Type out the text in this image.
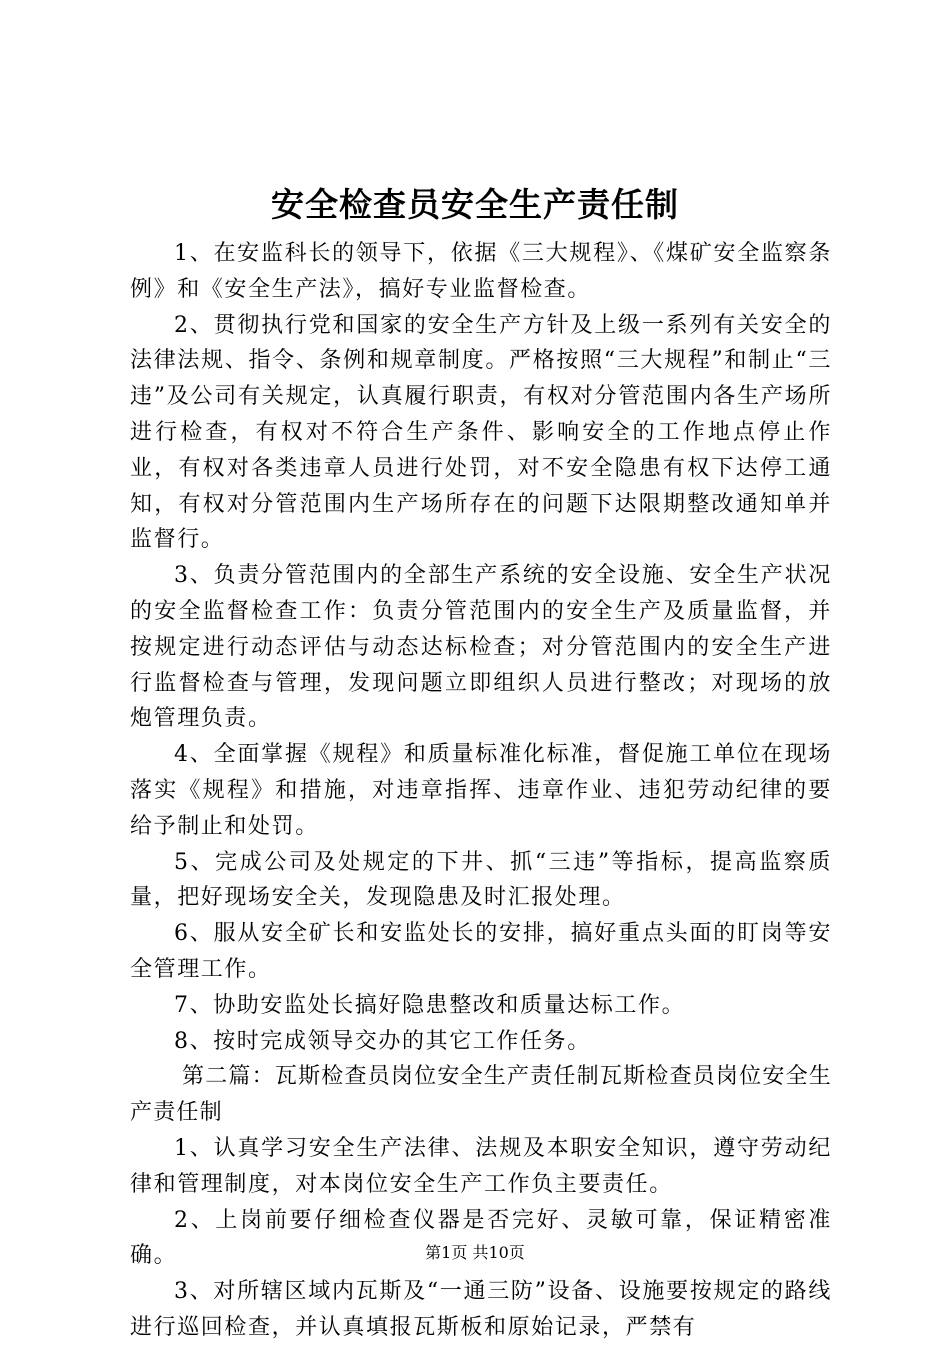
安全检查员安全生产责任制

1、在安监科长的领导下，依据《三大规程》、《煤矿安全监察条例》和《安全生产法》，搞好专业监督检查。

2、贯彻执行党和国家的安全生产方针及上级一系列有关安全的法律法规、指令、条例和规章制度。严格按照“三大规程”和制止“三违”及公司有关规定，认真履行职责，有权对分管范围内各生产场所进行检查，有权对不符合生产条件、影响安全的工作地点停止作业，有权对各类违章人员进行处罚，对不安全隐患有权下达停工通知，有权对分管范围内生产场所存在的问题下达限期整改通知单并监督行。

3、负责分管范围内的全部生产系统的安全设施、安全生产状况的安全监督检查工作：负责分管范围内的安全生产及质量监督，并按规定进行动态评估与动态达标检查；对分管范围内的安全生产进行监督检查与管理，发现问题立即组织人员进行整改；对现场的放炮管理负责。

4、全面掌握《规程》和质量标准化标准，督促施工单位在现场落实《规程》和措施，对违章指挥、违章作业、违犯劳动纪律的要给予制止和处罚。

5、完成公司及处规定的下井、抓“三违”等指标，提高监察质量，把好现场安全关，发现隐患及时汇报处理。

6、服从安全矿长和安监处长的安排，搞好重点头面的盯岗等安全管理工作。

7、协助安监处长搞好隐患整改和质量达标工作。

8、按时完成领导交办的其它工作任务。

第二篇：瓦斯检查员岗位安全生产责任制瓦斯检查员岗位安全生产责任制

1、认真学习安全生产法律、法规及本职安全知识，遵守劳动纪律和管理制度，对本岗位安全生产工作负主要责任。

2、上岗前要仔细检查仪器是否完好、灵敏可靠，保证精密准确。

3、对所辖区域内瓦斯及“一通三防”设备、设施要按规定的路线进行巡回检查，并认真填报瓦斯板和原始记录，严禁有

第1页 共10页
